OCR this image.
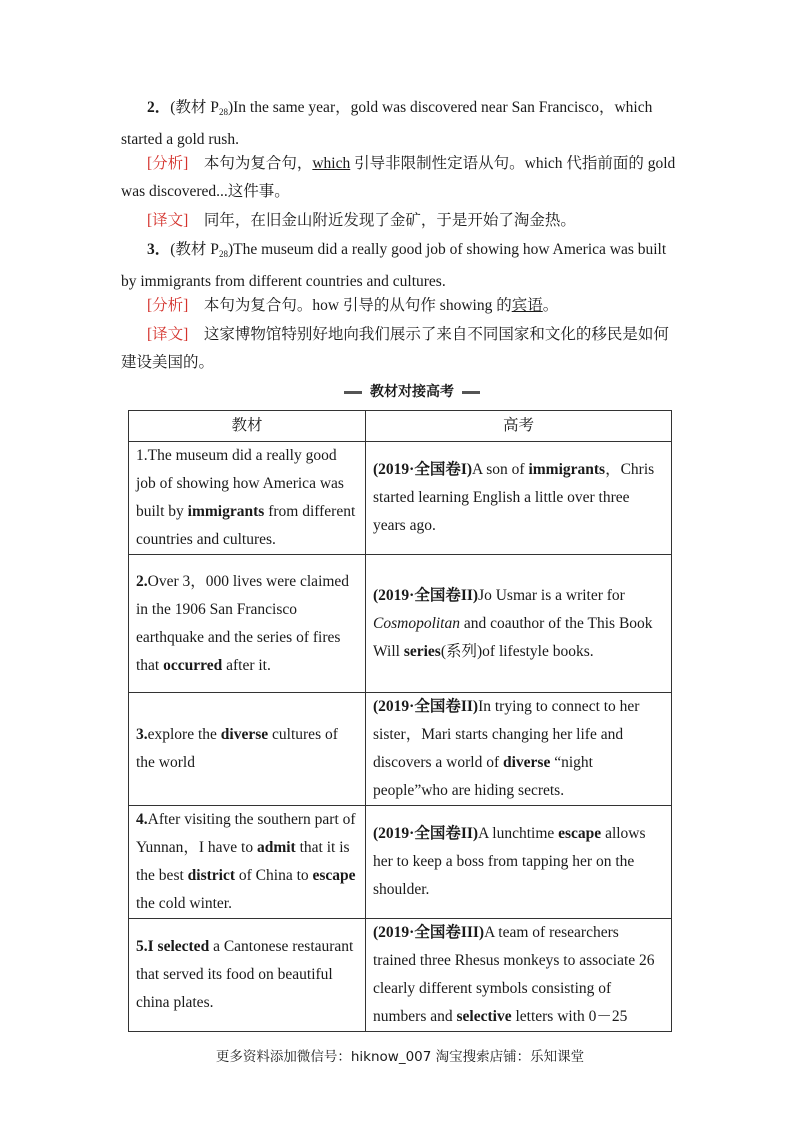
2．(教材 $P_{28})In$ the same year，gold was discovered near San Francisco，which started a gold rush.
[分析]　 本句为复合句，which 引导非限制性定语从句。which 代指前面的 gold was discovered...这件事。
[译文]　 同年，在旧金山附近发现了金矿，于是开始了淘金热。
3．(教材 $P_{28})The$ museum did a really good job of showing how America was built by immigrants from different countries and cultures.
[分析]　 本句为复合句。how 引导的从句作 showing 的宾语。
[译文]　 这家博物馆特别好地向我们展示了来自不同国家和文化的移民是如何建设美国的。
教材对接高考
教材	高考
1.The museum did a really good job of showing how America was built by immigrants from different countries and cultures.	(2019·全国卷I)A son of immigrants，Chris started learning English a little over three years ago.
2.Over 3，000 lives were claimed in the 1906 San Francisco earthquake and the series of fires that occurred after it.	(2019·全国卷II)Jo Usmar is a writer for Cosmopolitan and coauthor of the This Book Will series(系列)of lifestyle books.
3.explore the diverse cultures of the world	(2019·全国卷II)In trying to connect to her sister，Mari starts changing her life and discovers a world of diverse “night people”who are hiding secrets.
4.After visiting the southern part of Yunnan，I have to admit that it is the best district of China to escape the cold winter.	(2019·全国卷II)A lunchtime escape allows her to keep a boss from tapping her on the shoulder.
5.I selected a Cantonese restaurant that served its food on beautiful china plates.	(2019·全国卷III)A team of researchers trained three Rhesus monkeys to associate 26 clearly different symbols consisting of numbers and selective letters with 0－25
更多资料添加微信号：hiknow_007 淘宝搜索店铺：乐知课堂
